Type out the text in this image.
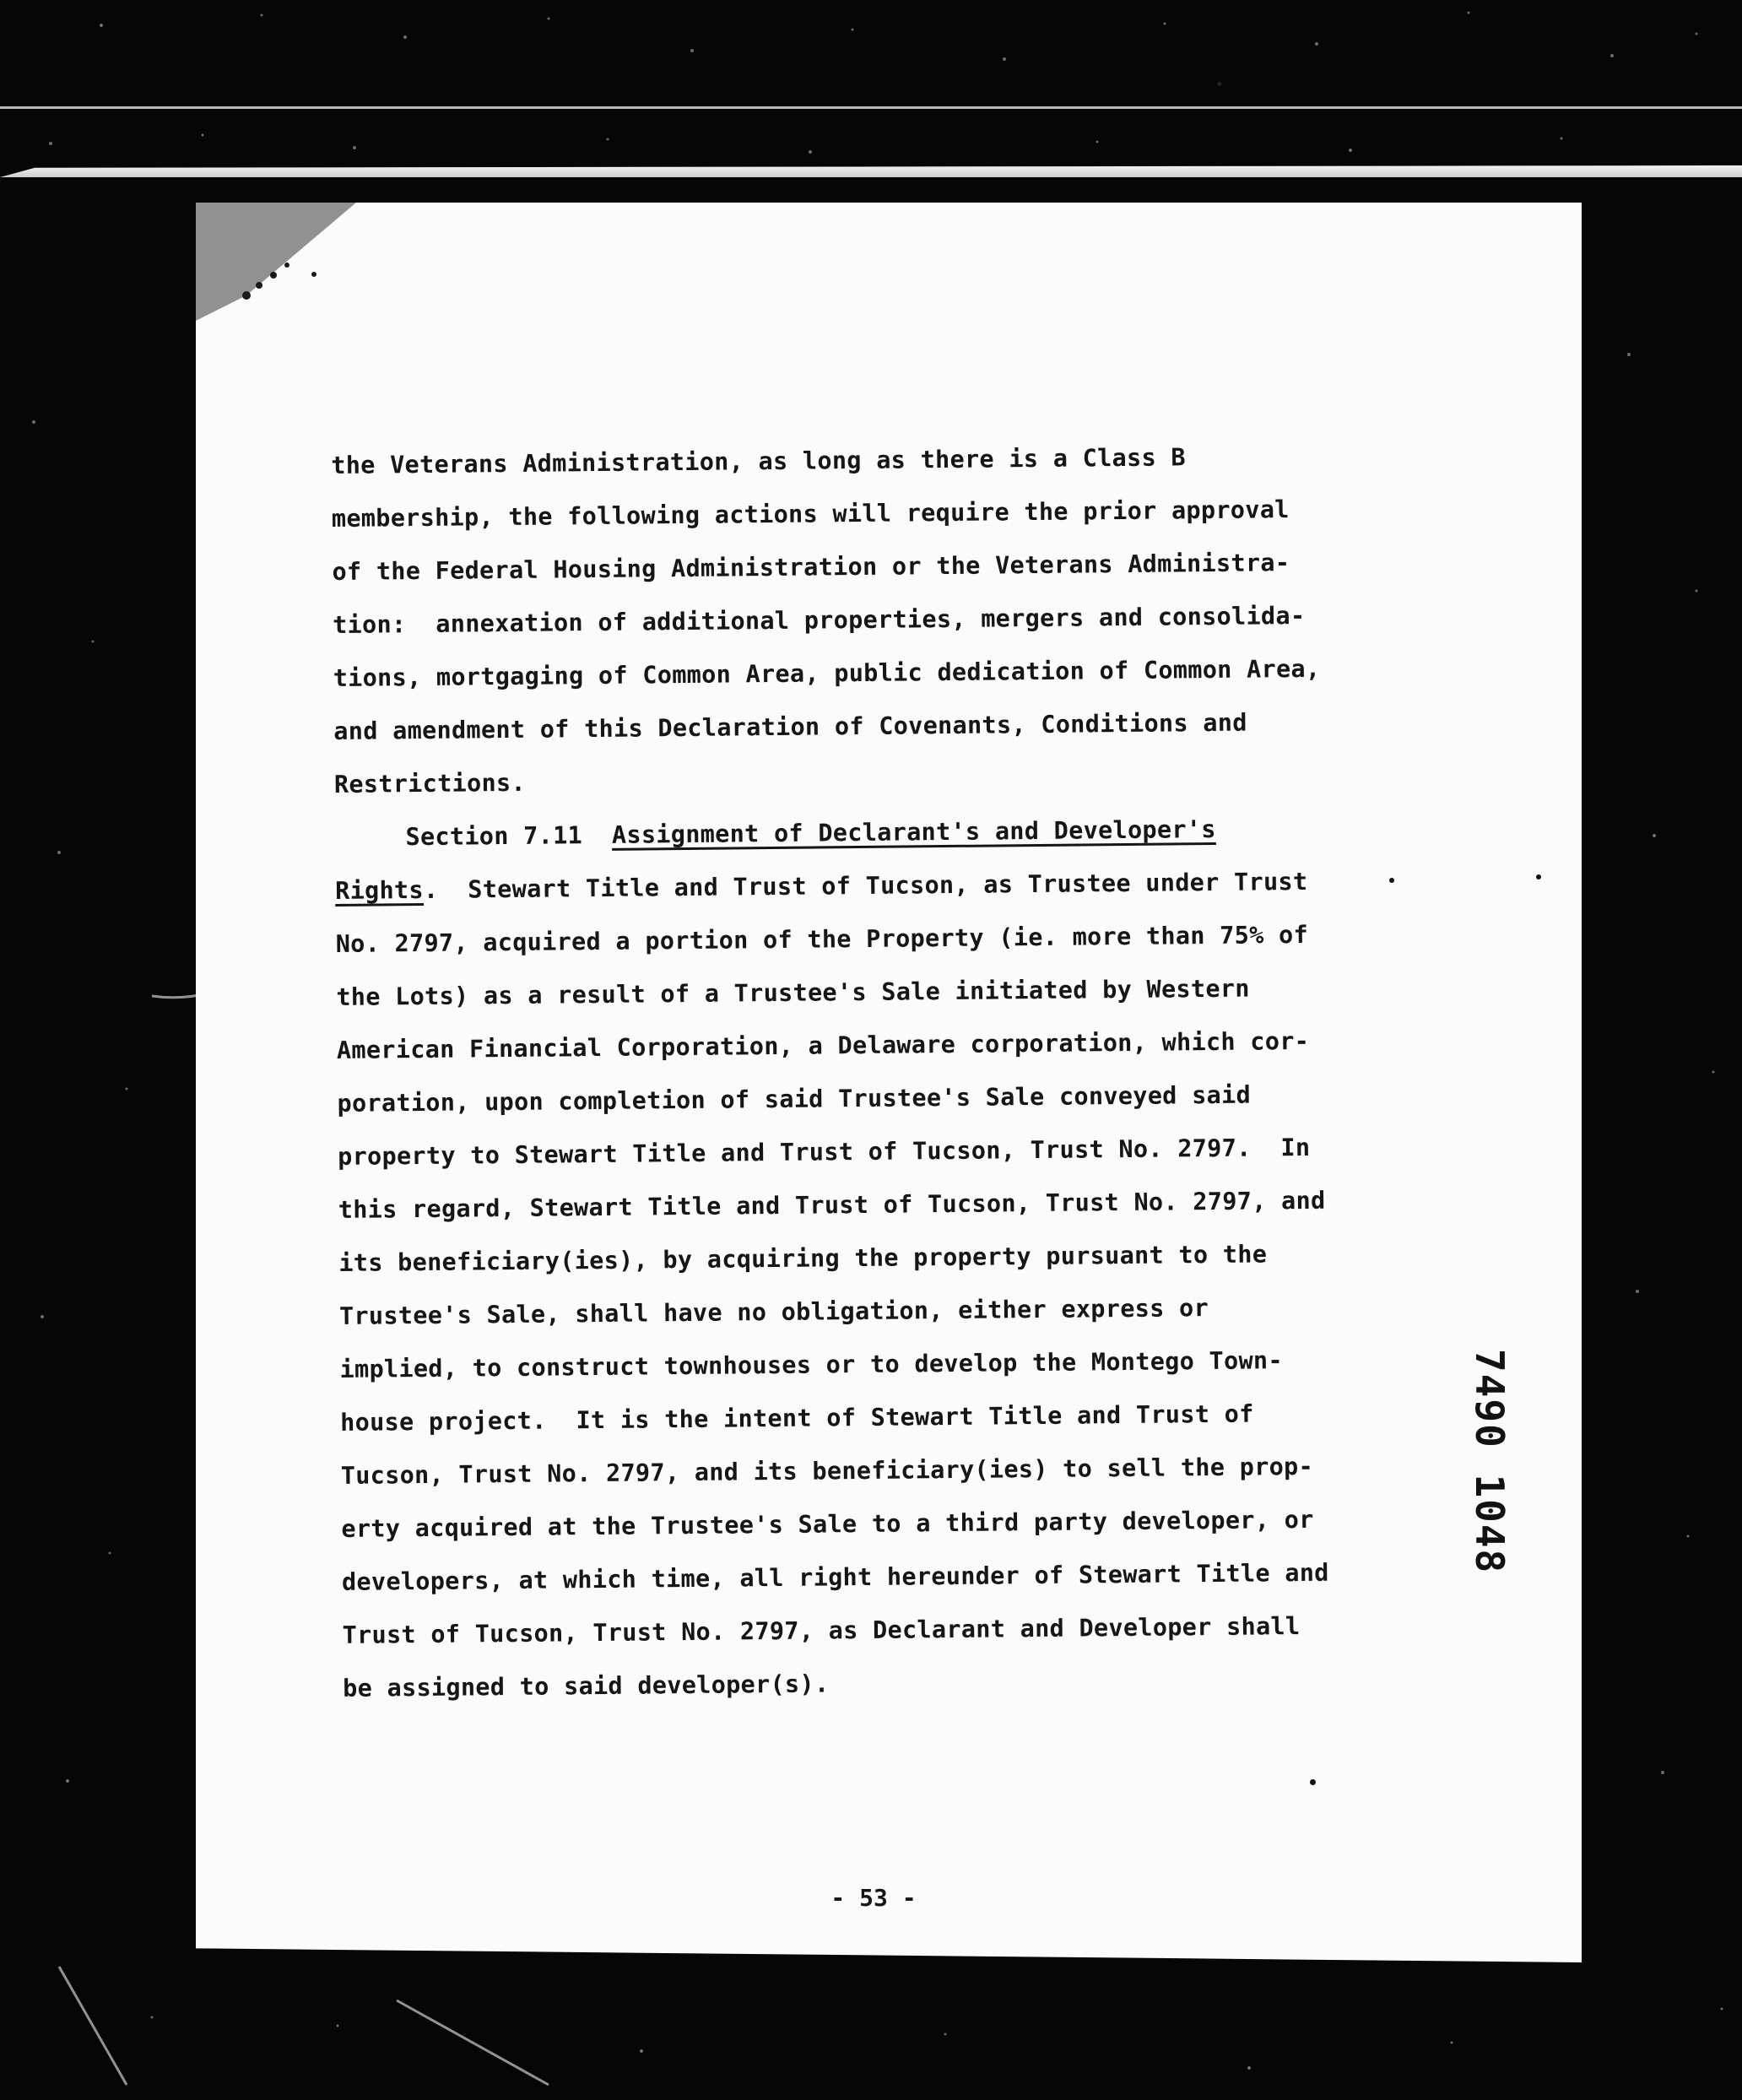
the Veterans Administration, as long as there is a Class B
membership, the following actions will require the prior approval
of the Federal Housing Administration or the Veterans Administra-
tion:  annexation of additional properties, mergers and consolida-
tions, mortgaging of Common Area, public dedication of Common Area,
and amendment of this Declaration of Covenants, Conditions and
Restrictions.

Section 7.11 Assignment of Declarant's and Developer's
Rights.  Stewart Title and Trust of Tucson, as Trustee under Trust
No. 2797, acquired a portion of the Property (ie. more than 75% of
the Lots) as a result of a Trustee's Sale initiated by Western
American Financial Corporation, a Delaware corporation, which cor-
poration, upon completion of said Trustee's Sale conveyed said
property to Stewart Title and Trust of Tucson, Trust No. 2797.  In
this regard, Stewart Title and Trust of Tucson, Trust No. 2797, and
its beneficiary(ies), by acquiring the property pursuant to the
Trustee's Sale, shall have no obligation, either express or
implied, to construct townhouses or to develop the Montego Town-
house project.  It is the intent of Stewart Title and Trust of
Tucson, Trust No. 2797, and its beneficiary(ies) to sell the prop-
erty acquired at the Trustee's Sale to a third party developer, or
developers, at which time, all right hereunder of Stewart Title and
Trust of Tucson, Trust No. 2797, as Declarant and Developer shall
be assigned to said developer(s).

7490 1048
- 53 -
